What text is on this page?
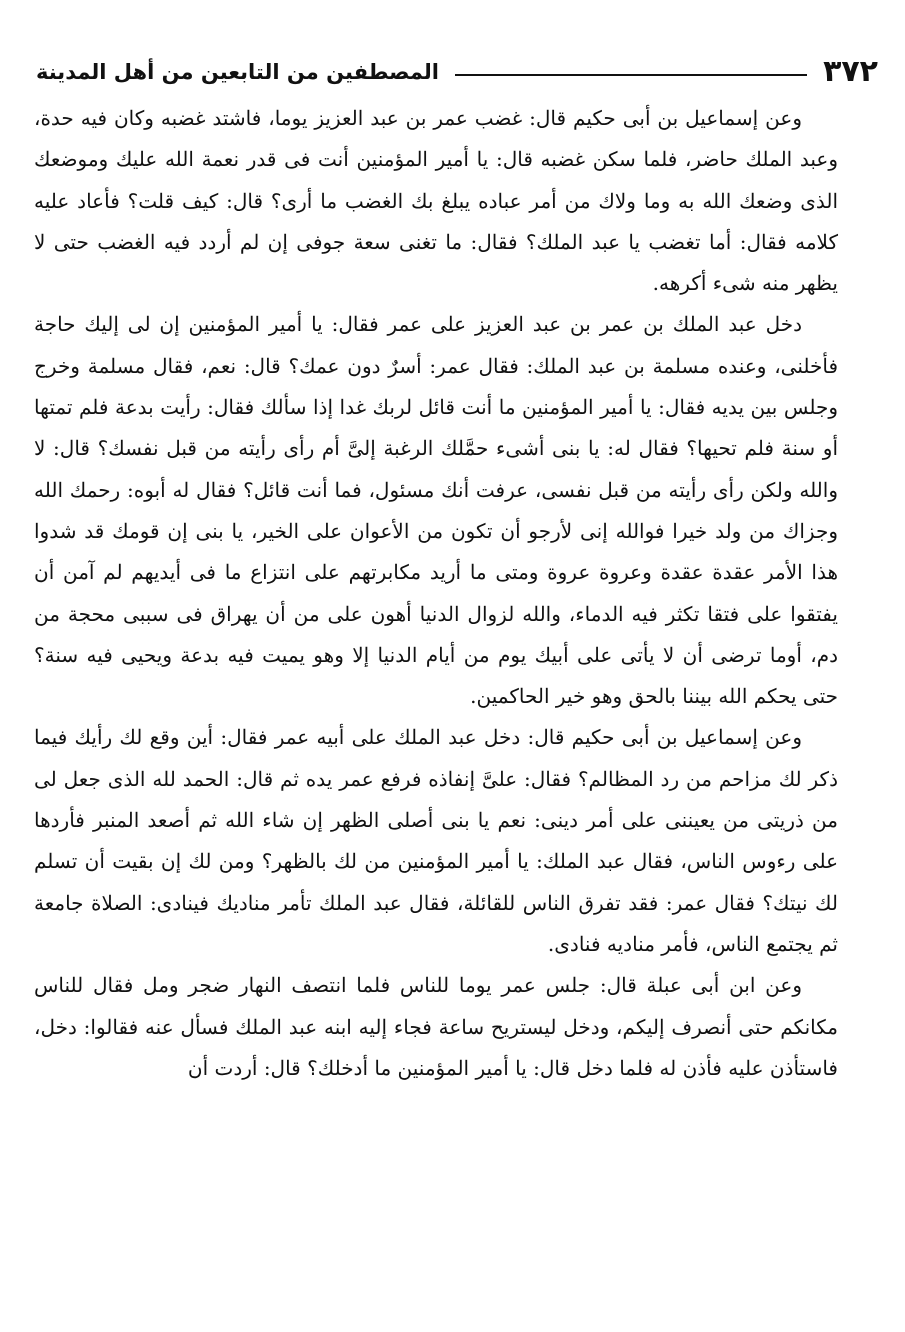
٣٧٢
المصطفين من التابعين من أهل المدينة

وعن إسماعيل بن أبى حكيم قال: غضب عمر بن عبد العزيز يوما، فاشتد غضبه وكان فيه حدة، وعبد الملك حاضر، فلما سكن غضبه قال: يا أمير المؤمنين أنت فى قدر نعمة الله عليك وموضعك الذى وضعك الله به وما ولاك من أمر عباده يبلغ بك الغضب ما أرى؟ قال: كيف قلت؟ فأعاد عليه كلامه فقال: أما تغضب يا عبد الملك؟ فقال: ما تغنى سعة جوفى إن لم أردد فيه الغضب حتى لا يظهر منه شىء أكرهه.

دخل عبد الملك بن عمر بن عبد العزيز على عمر فقال: يا أمير المؤمنين إن لى إليك حاجة فأخلنى، وعنده مسلمة بن عبد الملك: فقال عمر: أسرٌ دون عمك؟ قال: نعم، فقال مسلمة وخرج وجلس بين يديه فقال: يا أمير المؤمنين ما أنت قائل لربك غدا إذا سألك فقال: رأيت بدعة فلم تمتها أو سنة فلم تحيها؟ فقال له: يا بنى أشىء حمَّلك الرغبة إلىَّ أم رأى رأيته من قبل نفسك؟ قال: لا والله ولكن رأى رأيته من قبل نفسى، عرفت أنك مسئول، فما أنت قائل؟ فقال له أبوه: رحمك الله وجزاك من ولد خيرا فوالله إنى لأرجو أن تكون من الأعوان على الخير، يا بنى إن قومك قد شدوا هذا الأمر عقدة عقدة وعروة عروة ومتى ما أريد مكابرتهم على انتزاع ما فى أيديهم لم آمن أن يفتقوا على فتقا تكثر فيه الدماء، والله لزوال الدنيا أهون على من أن يهراق فى سببى محجة من دم، أوما ترضى أن لا يأتى على أبيك يوم من أيام الدنيا إلا وهو يميت فيه بدعة ويحيى فيه سنة؟ حتى يحكم الله بيننا بالحق وهو خير الحاكمين.

وعن إسماعيل بن أبى حكيم قال: دخل عبد الملك على أبيه عمر فقال: أين وقع لك رأيك فيما ذكر لك مزاحم من رد المظالم؟ فقال: علىَّ إنفاذه فرفع عمر يده ثم قال: الحمد لله الذى جعل لى من ذريتى من يعيننى على أمر دينى: نعم يا بنى أصلى الظهر إن شاء الله ثم أصعد المنبر فأردها على رءوس الناس، فقال عبد الملك: يا أمير المؤمنين من لك بالظهر؟ ومن لك إن بقيت أن تسلم لك نيتك؟ فقال عمر: فقد تفرق الناس للقائلة، فقال عبد الملك تأمر مناديك فينادى: الصلاة جامعة ثم يجتمع الناس، فأمر مناديه فنادى.

وعن ابن أبى عبلة قال: جلس عمر يوما للناس فلما انتصف النهار ضجر ومل فقال للناس مكانكم حتى أنصرف إليكم، ودخل ليستريح ساعة فجاء إليه ابنه عبد الملك فسأل عنه فقالوا: دخل، فاستأذن عليه فأذن له فلما دخل قال: يا أمير المؤمنين ما أدخلك؟ قال: أردت أن
